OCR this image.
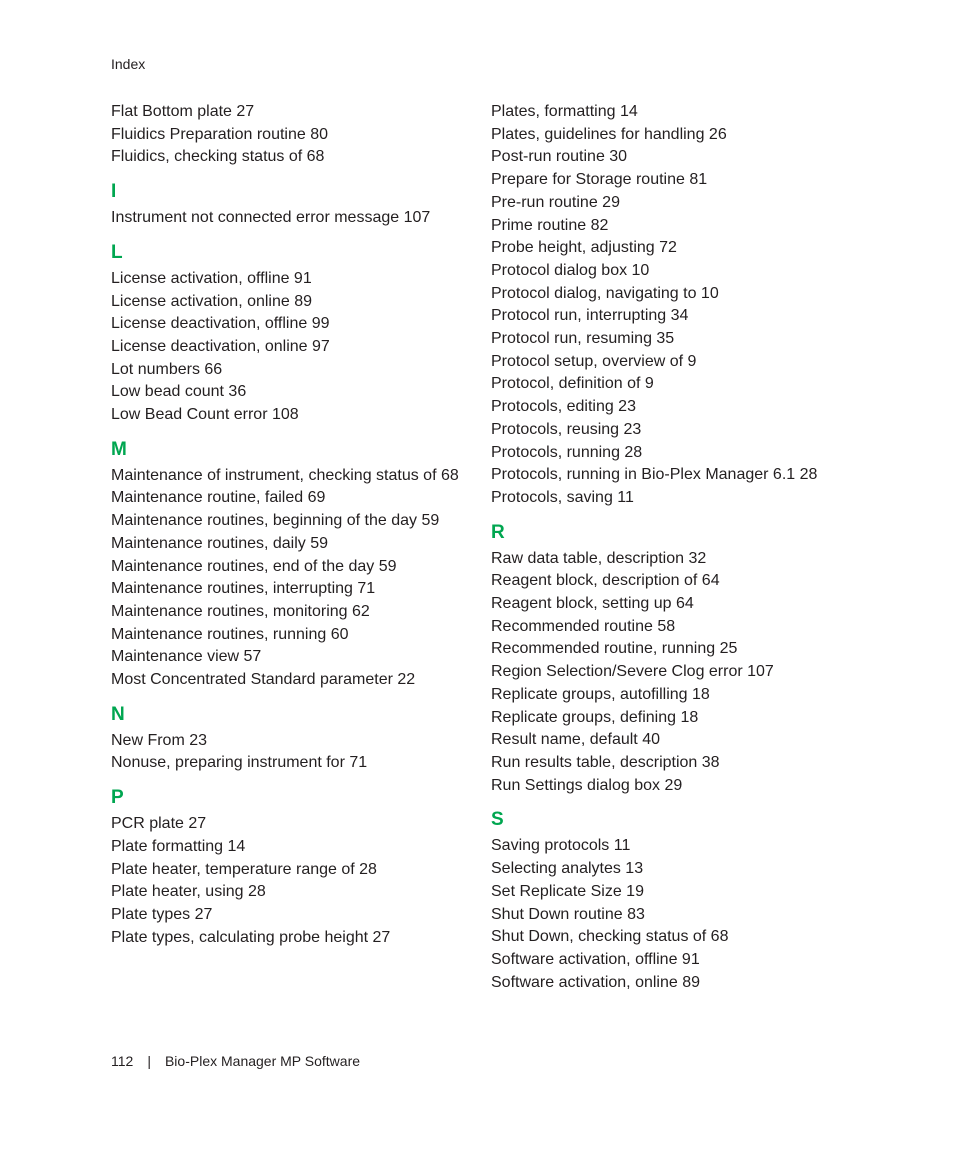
Index
Flat Bottom plate 27
Fluidics Preparation routine 80
Fluidics, checking status of 68
I
Instrument not connected error message 107
L
License activation, offline 91
License activation, online 89
License deactivation, offline 99
License deactivation, online 97
Lot numbers 66
Low bead count 36
Low Bead Count error 108
M
Maintenance of instrument, checking status of 68
Maintenance routine, failed 69
Maintenance routines, beginning of the day 59
Maintenance routines, daily 59
Maintenance routines, end of the day 59
Maintenance routines, interrupting 71
Maintenance routines, monitoring 62
Maintenance routines, running 60
Maintenance view 57
Most Concentrated Standard parameter 22
N
New From 23
Nonuse, preparing instrument for 71
P
PCR plate 27
Plate formatting 14
Plate heater, temperature range of 28
Plate heater, using 28
Plate types 27
Plate types, calculating probe height 27
Plates, formatting 14
Plates, guidelines for handling 26
Post-run routine 30
Prepare for Storage routine 81
Pre-run routine 29
Prime routine 82
Probe height, adjusting 72
Protocol dialog box 10
Protocol dialog, navigating to 10
Protocol run, interrupting 34
Protocol run, resuming 35
Protocol setup, overview of 9
Protocol, definition of 9
Protocols, editing 23
Protocols, reusing 23
Protocols, running 28
Protocols, running in Bio-Plex Manager 6.1 28
Protocols, saving 11
R
Raw data table, description 32
Reagent block, description of 64
Reagent block, setting up 64
Recommended routine 58
Recommended routine, running 25
Region Selection/Severe Clog error 107
Replicate groups, autofilling 18
Replicate groups, defining 18
Result name, default 40
Run results table, description 38
Run Settings dialog box 29
S
Saving protocols 11
Selecting analytes 13
Set Replicate Size 19
Shut Down routine 83
Shut Down, checking status of 68
Software activation, offline 91
Software activation, online 89
112 | Bio-Plex Manager MP Software
